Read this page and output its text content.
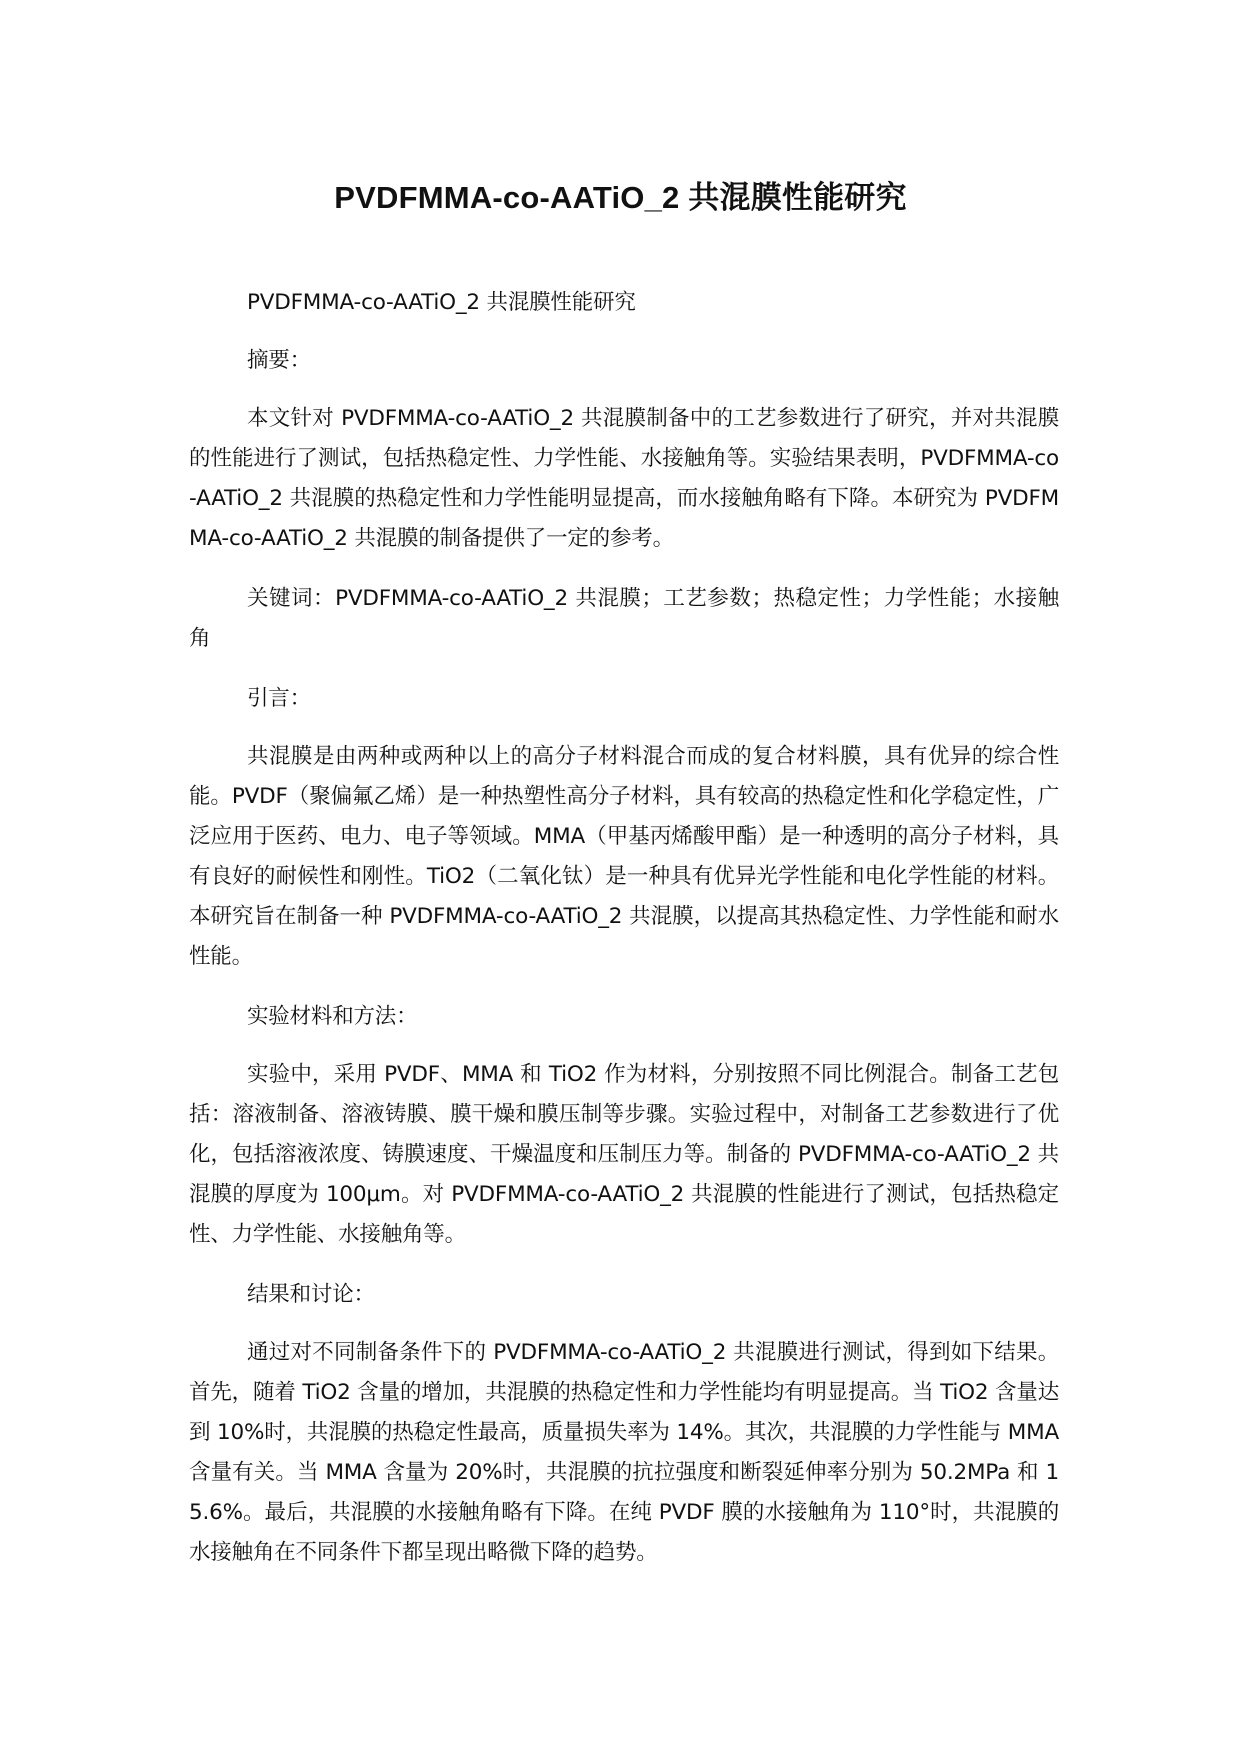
PVDFMMA-co-AATiO_2 共混膜性能研究

PVDFMMA-co-AATiO_2 共混膜性能研究

摘要：

本文针对 PVDFMMA-co-AATiO_2 共混膜制备中的工艺参数进行了研究，并对共混膜的性能进行了测试，包括热稳定性、力学性能、水接触角等。实验结果表明，PVDFMMA-co-AATiO_2 共混膜的热稳定性和力学性能明显提高，而水接触角略有下降。本研究为 PVDFMMA-co-AATiO_2 共混膜的制备提供了一定的参考。

关键词：PVDFMMA-co-AATiO_2 共混膜；工艺参数；热稳定性；力学性能；水接触角

引言：

共混膜是由两种或两种以上的高分子材料混合而成的复合材料膜，具有优异的综合性能。PVDF（聚偏氟乙烯）是一种热塑性高分子材料，具有较高的热稳定性和化学稳定性，广泛应用于医药、电力、电子等领域。MMA（甲基丙烯酸甲酯）是一种透明的高分子材料，具有良好的耐候性和刚性。TiO2（二氧化钛）是一种具有优异光学性能和电化学性能的材料。本研究旨在制备一种 PVDFMMA-co-AATiO_2 共混膜，以提高其热稳定性、力学性能和耐水性能。

实验材料和方法：

实验中，采用 PVDF、MMA 和 TiO2 作为材料，分别按照不同比例混合。制备工艺包括：溶液制备、溶液铸膜、膜干燥和膜压制等步骤。实验过程中，对制备工艺参数进行了优化，包括溶液浓度、铸膜速度、干燥温度和压制压力等。制备的 PVDFMMA-co-AATiO_2 共混膜的厚度为 100μm。对 PVDFMMA-co-AATiO_2 共混膜的性能进行了测试，包括热稳定性、力学性能、水接触角等。

结果和讨论：

通过对不同制备条件下的 PVDFMMA-co-AATiO_2 共混膜进行测试，得到如下结果。首先，随着 TiO2 含量的增加，共混膜的热稳定性和力学性能均有明显提高。当 TiO2 含量达到 10%时，共混膜的热稳定性最高，质量损失率为 14%。其次，共混膜的力学性能与 MMA 含量有关。当 MMA 含量为 20%时，共混膜的抗拉强度和断裂延伸率分别为 50.2MPa 和 15.6%。最后，共混膜的水接触角略有下降。在纯 PVDF 膜的水接触角为 110°时，共混膜的水接触角在不同条件下都呈现出略微下降的趋势。
